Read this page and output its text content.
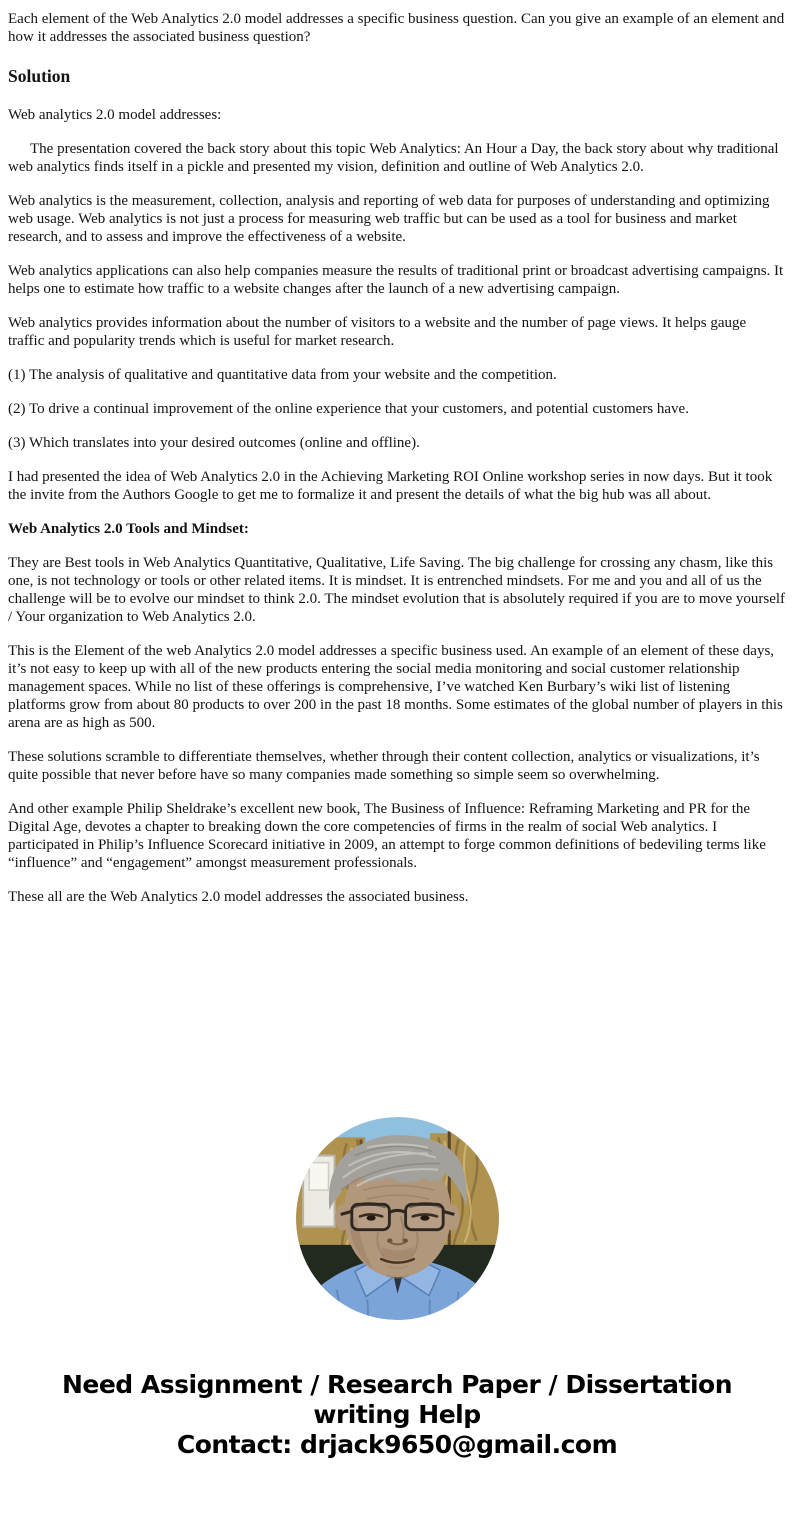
Each element of the Web Analytics 2.0 model addresses a specific business question. Can you give an example of an element and how it addresses the associated business question?

Solution

Web analytics 2.0 model addresses:

The presentation covered the back story about this topic Web Analytics: An Hour a Day, the back story about why traditional web analytics finds itself in a pickle and presented my vision, definition and outline of Web Analytics 2.0.

Web analytics is the measurement, collection, analysis and reporting of web data for purposes of understanding and optimizing web usage. Web analytics is not just a process for measuring web traffic but can be used as a tool for business and market research, and to assess and improve the effectiveness of a website.

Web analytics applications can also help companies measure the results of traditional print or broadcast advertising campaigns. It helps one to estimate how traffic to a website changes after the launch of a new advertising campaign.

Web analytics provides information about the number of visitors to a website and the number of page views. It helps gauge traffic and popularity trends which is useful for market research.

(1) The analysis of qualitative and quantitative data from your website and the competition.

(2) To drive a continual improvement of the online experience that your customers, and potential customers have.

(3) Which translates into your desired outcomes (online and offline).

I had presented the idea of Web Analytics 2.0 in the Achieving Marketing ROI Online workshop series in now days. But it took the invite from the Authors Google to get me to formalize it and present the details of what the big hub was all about.

Web Analytics 2.0 Tools and Mindset:

They are Best tools in Web Analytics Quantitative, Qualitative, Life Saving. The big challenge for crossing any chasm, like this one, is not technology or tools or other related items. It is mindset. It is entrenched mindsets. For me and you and all of us the challenge will be to evolve our mindset to think 2.0. The mindset evolution that is absolutely required if you are to move yourself / Your organization to Web Analytics 2.0.

This is the Element of the web Analytics 2.0 model addresses a specific business used. An example of an element of these days, it’s not easy to keep up with all of the new products entering the social media monitoring and social customer relationship management spaces. While no list of these offerings is comprehensive, I’ve watched Ken Burbary’s wiki list of listening platforms grow from about 80 products to over 200 in the past 18 months. Some estimates of the global number of players in this arena are as high as 500.

These solutions scramble to differentiate themselves, whether through their content collection, analytics or visualizations, it’s quite possible that never before have so many companies made something so simple seem so overwhelming.

And other example Philip Sheldrake’s excellent new book, The Business of Influence: Reframing Marketing and PR for the Digital Age, devotes a chapter to breaking down the core competencies of firms in the realm of social Web analytics. I participated in Philip’s Influence Scorecard initiative in 2009, an attempt to forge common definitions of bedeviling terms like “influence” and “engagement” amongst measurement professionals.

These all are the Web Analytics 2.0 model addresses the associated business.

Need Assignment / Research Paper / Dissertation
writing Help
Contact: drjack9650@gmail.com
